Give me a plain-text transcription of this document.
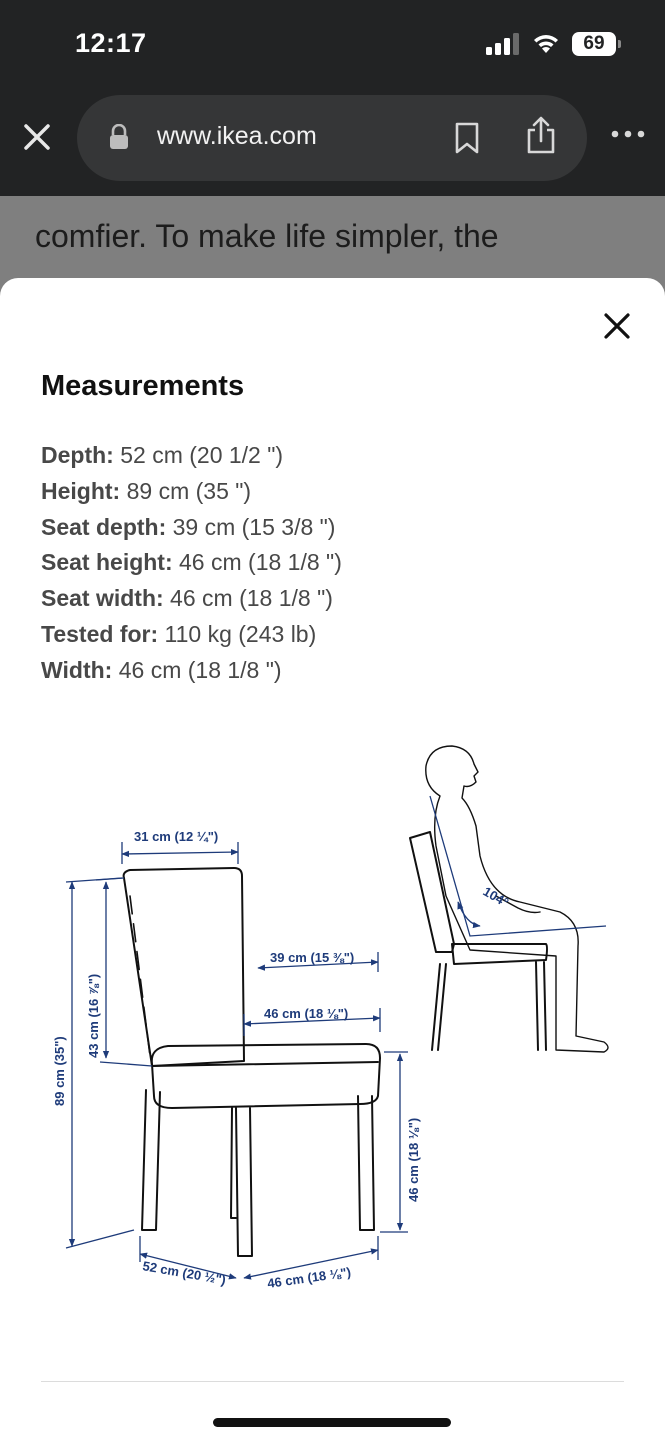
12:17	69
www.ikea.com
comfier. To make life simpler, the
Measurements
Depth: 52 cm (20 1/2 ")
Height: 89 cm (35 ")
Seat depth: 39 cm (15 3/8 ")
Seat height: 46 cm (18 1/8 ")
Seat width: 46 cm (18 1/8 ")
Tested for: 110 kg (243 lb)
Width: 46 cm (18 1/8 ")
31 cm (12 ¼")
43 cm (16 ⅞")
89 cm (35")
39 cm (15 ⅜")
46 cm (18 ⅛")
46 cm (18 ⅛")
52 cm (20 ½")	46 cm (18 ⅛")
104°
